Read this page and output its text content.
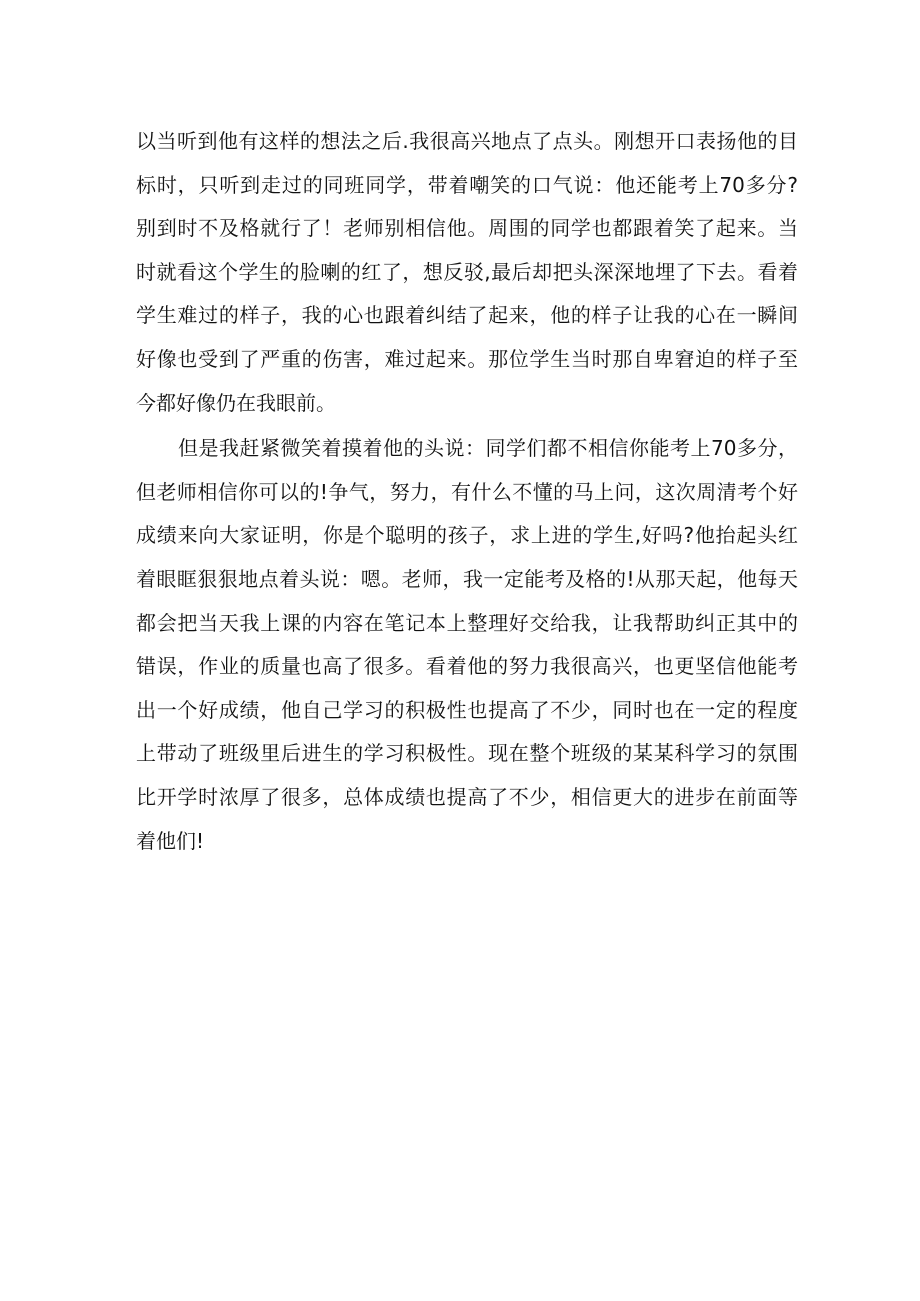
以当听到他有这样的想法之后.我很高兴地点了点头。刚想开口表扬他的目
标时，只听到走过的同班同学，带着嘲笑的口气说：他还能考上70多分?
别到时不及格就行了！老师别相信他。周围的同学也都跟着笑了起来。当
时就看这个学生的脸喇的红了，想反驳,最后却把头深深地埋了下去。看着
学生难过的样子，我的心也跟着纠结了起来，他的样子让我的心在一瞬间
好像也受到了严重的伤害，难过起来。那位学生当时那自卑窘迫的样子至
今都好像仍在我眼前。
但是我赶紧微笑着摸着他的头说：同学们都不相信你能考上70多分，
但老师相信你可以的!争气，努力，有什么不懂的马上问，这次周清考个好
成绩来向大家证明，你是个聪明的孩子，求上进的学生,好吗?他抬起头红
着眼眶狠狠地点着头说：嗯。老师，我一定能考及格的!从那天起，他每天
都会把当天我上课的内容在笔记本上整理好交给我，让我帮助纠正其中的
错误，作业的质量也高了很多。看着他的努力我很高兴，也更坚信他能考
出一个好成绩，他自己学习的积极性也提高了不少，同时也在一定的程度
上带动了班级里后进生的学习积极性。现在整个班级的某某科学习的氛围
比开学时浓厚了很多，总体成绩也提高了不少，相信更大的进步在前面等
着他们!
